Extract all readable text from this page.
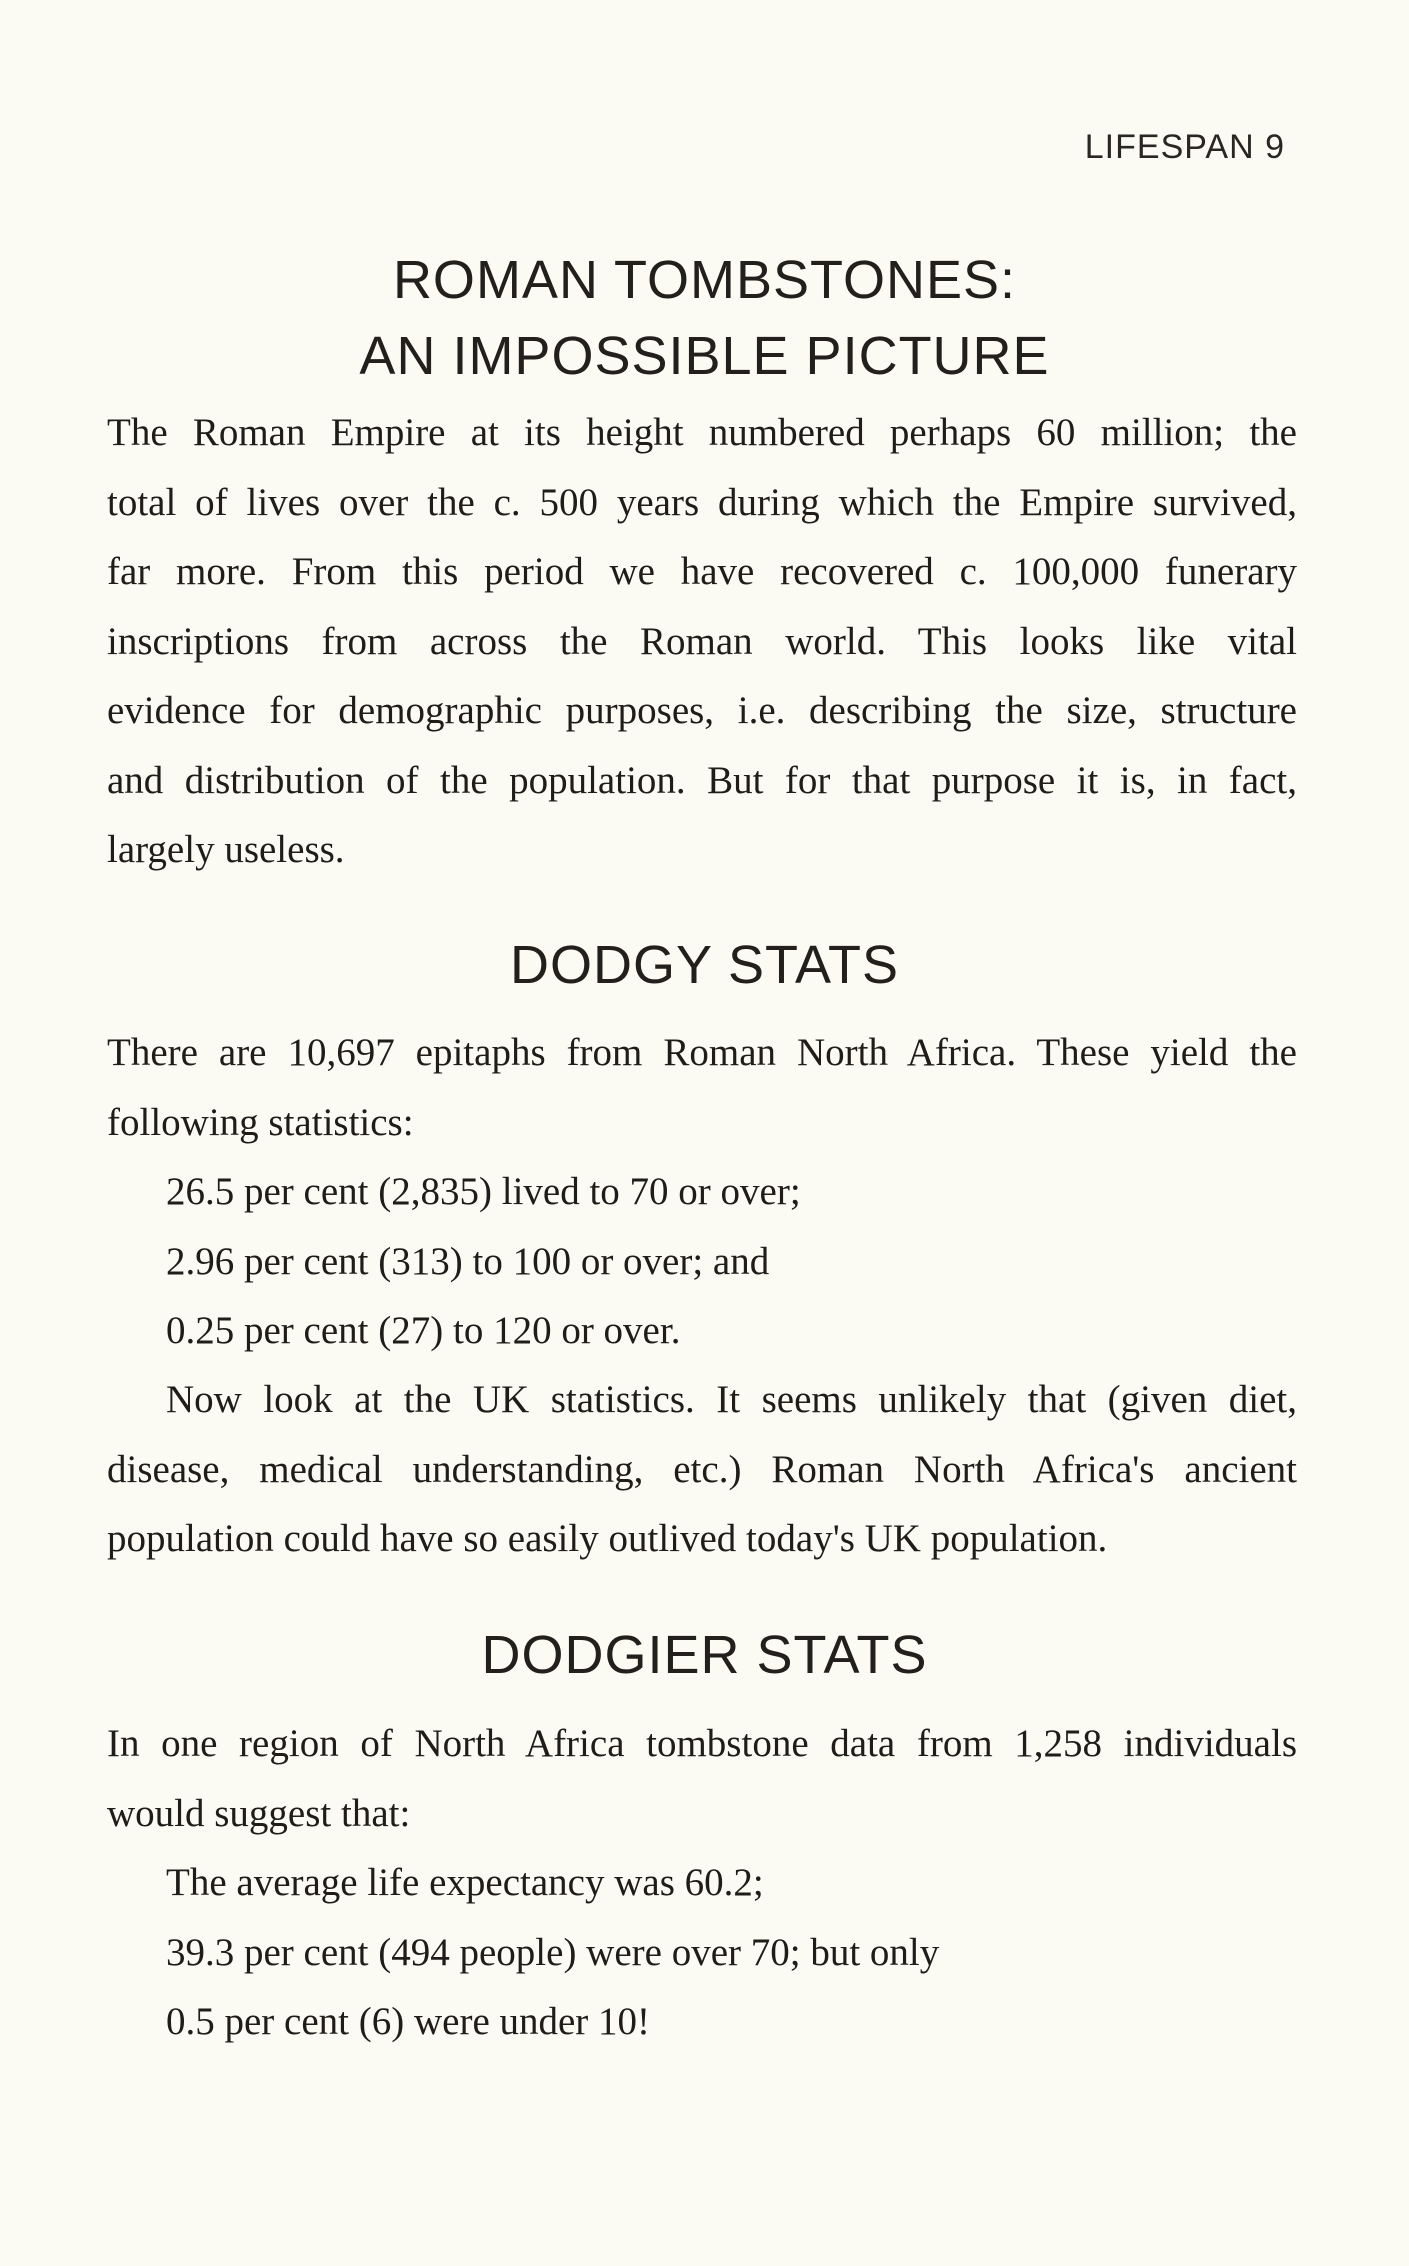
LIFESPAN 9
ROMAN TOMBSTONES:
AN IMPOSSIBLE PICTURE

The Roman Empire at its height numbered perhaps 60 million; the
total of lives over the c. 500 years during which the Empire survived,
far more. From this period we have recovered c. 100,000 funerary
inscriptions from across the Roman world. This looks like vital
evidence for demographic purposes, i.e. describing the size, structure
and distribution of the population. But for that purpose it is, in fact,
largely useless.

DODGY STATS

There are 10,697 epitaphs from Roman North Africa. These yield the
following statistics:

26.5 per cent (2,835) lived to 70 or over;
2.96 per cent (313) to 100 or over; and
0.25 per cent (27) to 120 or over.

Now look at the UK statistics. It seems unlikely that (given diet,
disease, medical understanding, etc.) Roman North Africa's ancient
population could have so easily outlived today's UK population.

DODGIER STATS

In one region of North Africa tombstone data from 1,258 individuals
would suggest that:

The average life expectancy was 60.2;
39.3 per cent (494 people) were over 70; but only
0.5 per cent (6) were under 10!
